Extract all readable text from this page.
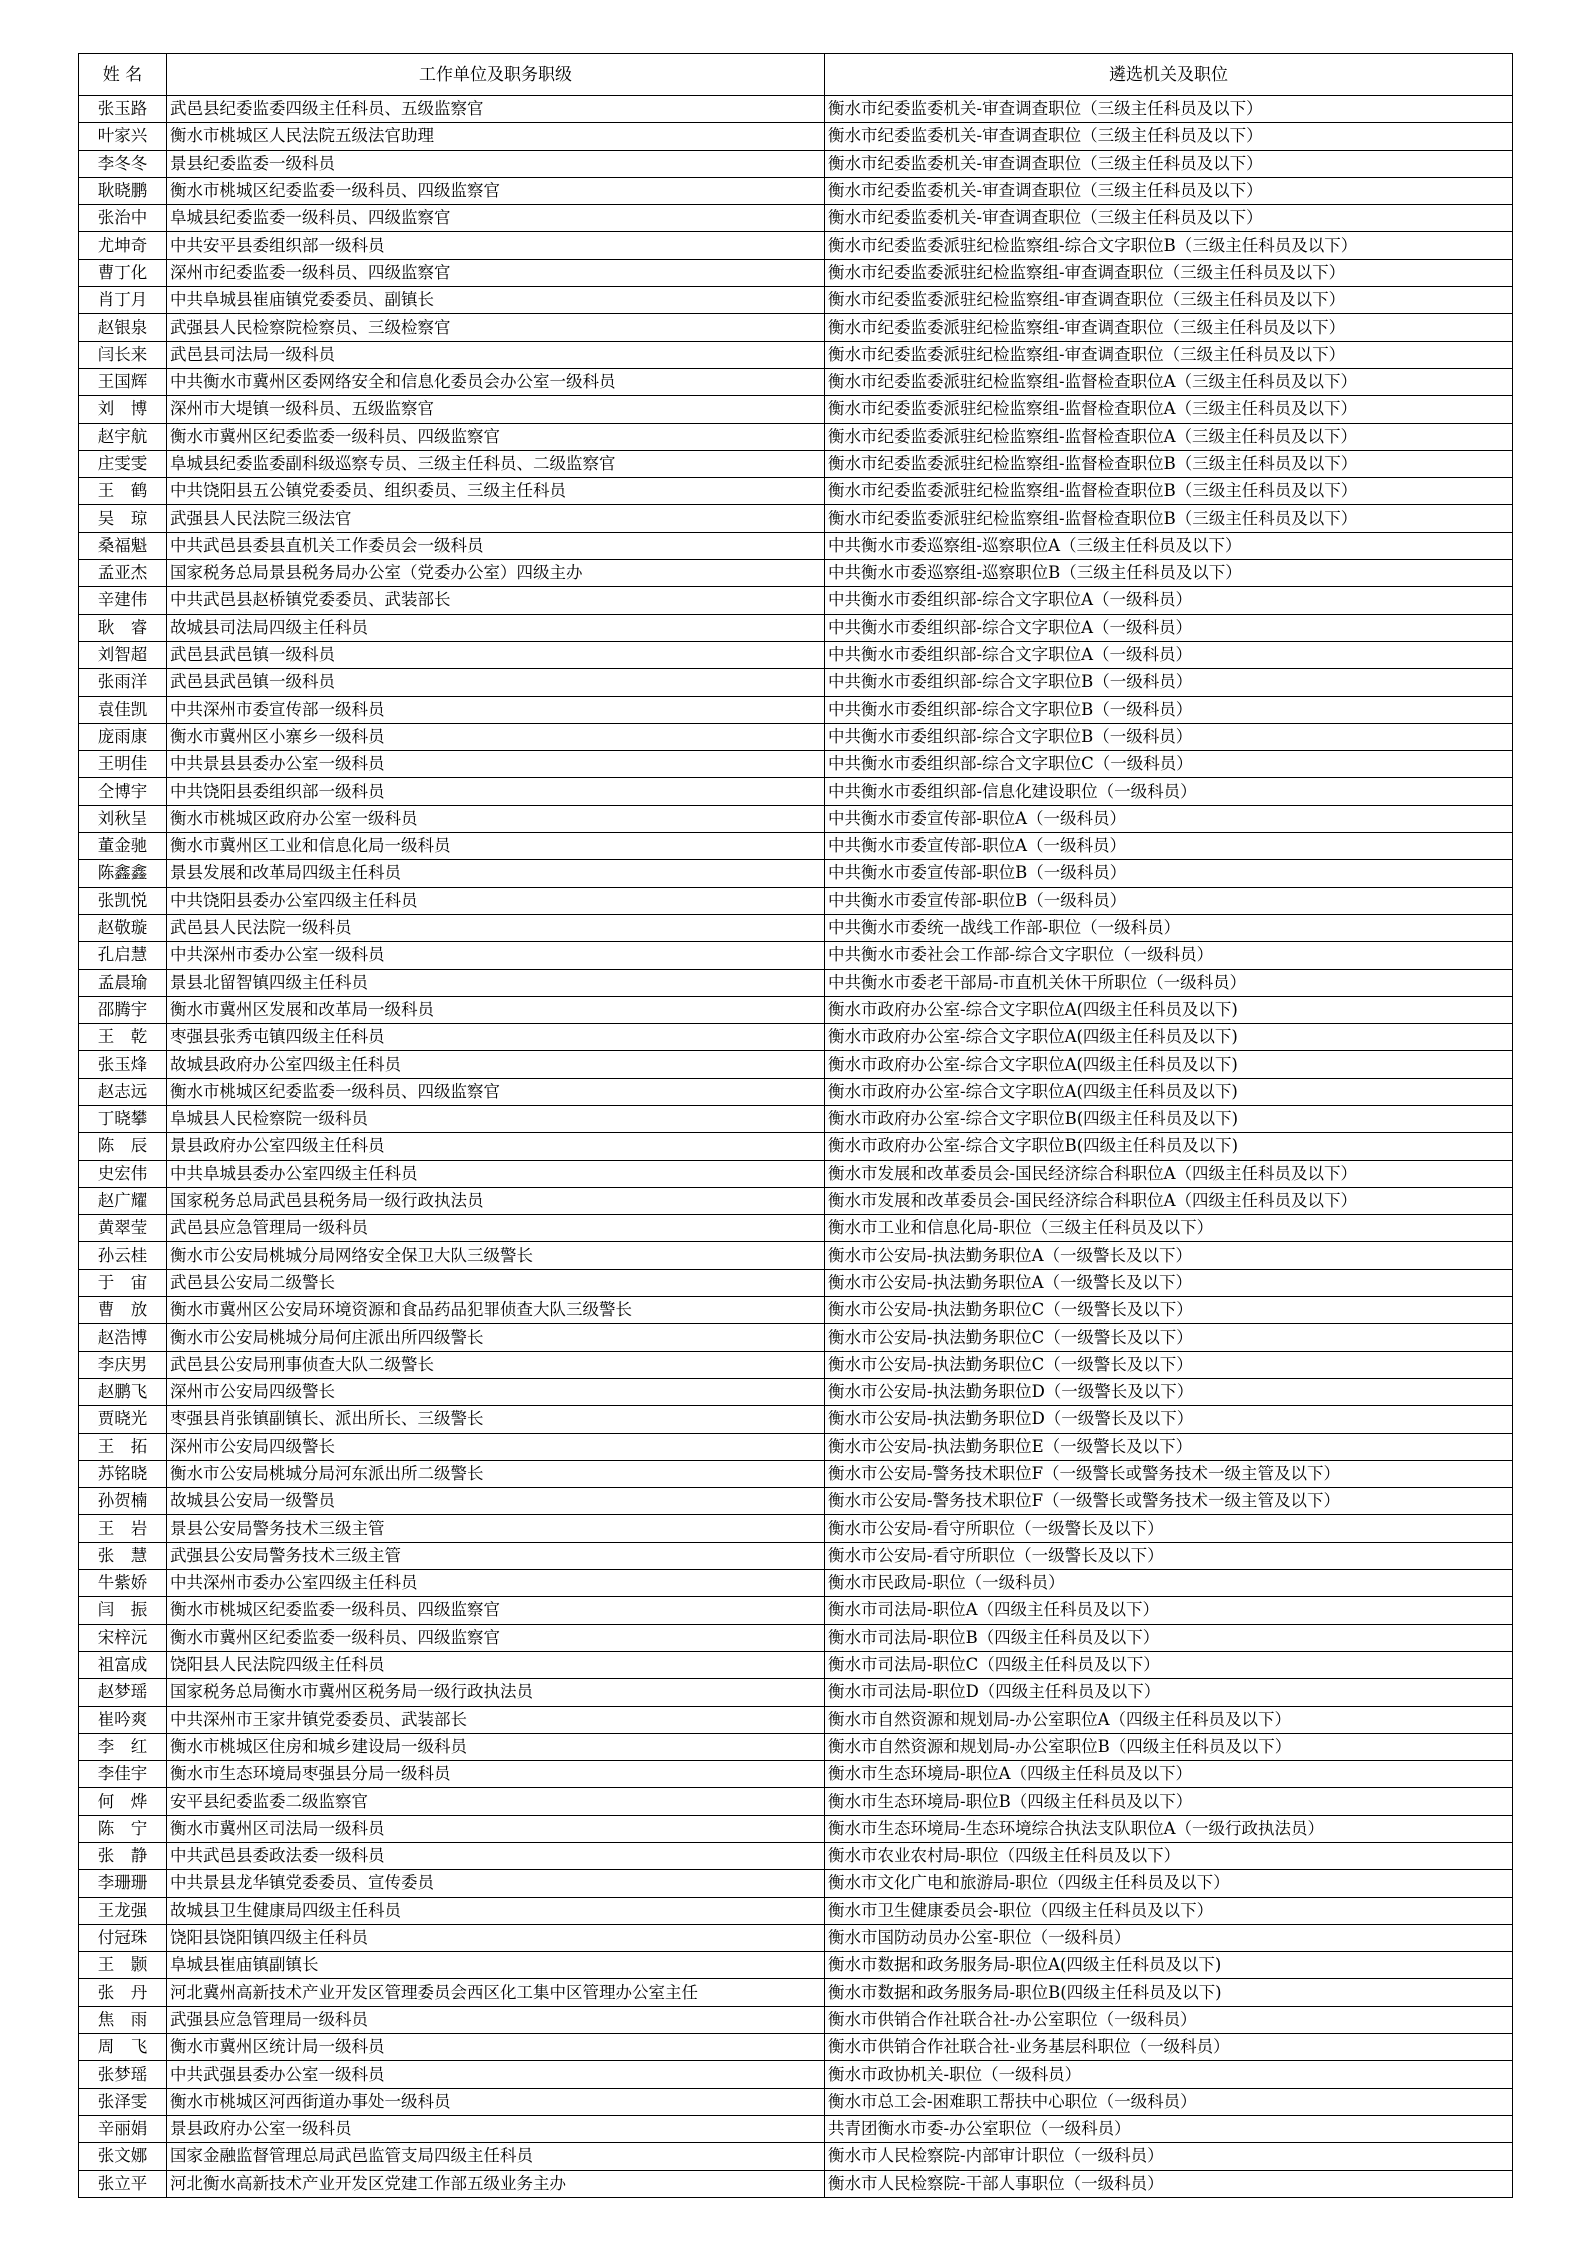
姓 名	工作单位及职务职级	遴选机关及职位
张玉路	武邑县纪委监委四级主任科员、五级监察官	衡水市纪委监委机关-审查调查职位（三级主任科员及以下）
叶家兴	衡水市桃城区人民法院五级法官助理	衡水市纪委监委机关-审查调查职位（三级主任科员及以下）
李冬冬	景县纪委监委一级科员	衡水市纪委监委机关-审查调查职位（三级主任科员及以下）
耿晓鹏	衡水市桃城区纪委监委一级科员、四级监察官	衡水市纪委监委机关-审查调查职位（三级主任科员及以下）
张治中	阜城县纪委监委一级科员、四级监察官	衡水市纪委监委机关-审查调查职位（三级主任科员及以下）
尤坤奇	中共安平县委组织部一级科员	衡水市纪委监委派驻纪检监察组-综合文字职位B（三级主任科员及以下）
曹丁化	深州市纪委监委一级科员、四级监察官	衡水市纪委监委派驻纪检监察组-审查调查职位（三级主任科员及以下）
肖丁月	中共阜城县崔庙镇党委委员、副镇长	衡水市纪委监委派驻纪检监察组-审查调查职位（三级主任科员及以下）
赵银泉	武强县人民检察院检察员、三级检察官	衡水市纪委监委派驻纪检监察组-审查调查职位（三级主任科员及以下）
闫长来	武邑县司法局一级科员	衡水市纪委监委派驻纪检监察组-审查调查职位（三级主任科员及以下）
王国辉	中共衡水市冀州区委网络安全和信息化委员会办公室一级科员	衡水市纪委监委派驻纪检监察组-监督检查职位A（三级主任科员及以下）
刘　博	深州市大堤镇一级科员、五级监察官	衡水市纪委监委派驻纪检监察组-监督检查职位A（三级主任科员及以下）
赵宇航	衡水市冀州区纪委监委一级科员、四级监察官	衡水市纪委监委派驻纪检监察组-监督检查职位A（三级主任科员及以下）
庄雯雯	阜城县纪委监委副科级巡察专员、三级主任科员、二级监察官	衡水市纪委监委派驻纪检监察组-监督检查职位B（三级主任科员及以下）
王　鹤	中共饶阳县五公镇党委委员、组织委员、三级主任科员	衡水市纪委监委派驻纪检监察组-监督检查职位B（三级主任科员及以下）
吴　琼	武强县人民法院三级法官	衡水市纪委监委派驻纪检监察组-监督检查职位B（三级主任科员及以下）
桑福魁	中共武邑县委县直机关工作委员会一级科员	中共衡水市委巡察组-巡察职位A（三级主任科员及以下）
孟亚杰	国家税务总局景县税务局办公室（党委办公室）四级主办	中共衡水市委巡察组-巡察职位B（三级主任科员及以下）
辛建伟	中共武邑县赵桥镇党委委员、武装部长	中共衡水市委组织部-综合文字职位A（一级科员）
耿　睿	故城县司法局四级主任科员	中共衡水市委组织部-综合文字职位A（一级科员）
刘智超	武邑县武邑镇一级科员	中共衡水市委组织部-综合文字职位A（一级科员）
张雨洋	武邑县武邑镇一级科员	中共衡水市委组织部-综合文字职位B（一级科员）
袁佳凯	中共深州市委宣传部一级科员	中共衡水市委组织部-综合文字职位B（一级科员）
庞雨康	衡水市冀州区小寨乡一级科员	中共衡水市委组织部-综合文字职位B（一级科员）
王明佳	中共景县县委办公室一级科员	中共衡水市委组织部-综合文字职位C（一级科员）
仝博宇	中共饶阳县委组织部一级科员	中共衡水市委组织部-信息化建设职位（一级科员）
刘秋呈	衡水市桃城区政府办公室一级科员	中共衡水市委宣传部-职位A（一级科员）
董金驰	衡水市冀州区工业和信息化局一级科员	中共衡水市委宣传部-职位A（一级科员）
陈鑫鑫	景县发展和改革局四级主任科员	中共衡水市委宣传部-职位B（一级科员）
张凯悦	中共饶阳县委办公室四级主任科员	中共衡水市委宣传部-职位B（一级科员）
赵敬璇	武邑县人民法院一级科员	中共衡水市委统一战线工作部-职位（一级科员）
孔启慧	中共深州市委办公室一级科员	中共衡水市委社会工作部-综合文字职位（一级科员）
孟晨瑜	景县北留智镇四级主任科员	中共衡水市委老干部局-市直机关休干所职位（一级科员）
邵腾宇	衡水市冀州区发展和改革局一级科员	衡水市政府办公室-综合文字职位A(四级主任科员及以下)
王　乾	枣强县张秀屯镇四级主任科员	衡水市政府办公室-综合文字职位A(四级主任科员及以下)
张玉烽	故城县政府办公室四级主任科员	衡水市政府办公室-综合文字职位A(四级主任科员及以下)
赵志远	衡水市桃城区纪委监委一级科员、四级监察官	衡水市政府办公室-综合文字职位A(四级主任科员及以下)
丁晓攀	阜城县人民检察院一级科员	衡水市政府办公室-综合文字职位B(四级主任科员及以下)
陈　辰	景县政府办公室四级主任科员	衡水市政府办公室-综合文字职位B(四级主任科员及以下)
史宏伟	中共阜城县委办公室四级主任科员	衡水市发展和改革委员会-国民经济综合科职位A（四级主任科员及以下）
赵广耀	国家税务总局武邑县税务局一级行政执法员	衡水市发展和改革委员会-国民经济综合科职位A（四级主任科员及以下）
黄翠莹	武邑县应急管理局一级科员	衡水市工业和信息化局-职位（三级主任科员及以下）
孙云桂	衡水市公安局桃城分局网络安全保卫大队三级警长	衡水市公安局-执法勤务职位A（一级警长及以下）
于　宙	武邑县公安局二级警长	衡水市公安局-执法勤务职位A（一级警长及以下）
曹　放	衡水市冀州区公安局环境资源和食品药品犯罪侦查大队三级警长	衡水市公安局-执法勤务职位C（一级警长及以下）
赵浩博	衡水市公安局桃城分局何庄派出所四级警长	衡水市公安局-执法勤务职位C（一级警长及以下）
李庆男	武邑县公安局刑事侦查大队二级警长	衡水市公安局-执法勤务职位C（一级警长及以下）
赵鹏飞	深州市公安局四级警长	衡水市公安局-执法勤务职位D（一级警长及以下）
贾晓光	枣强县肖张镇副镇长、派出所长、三级警长	衡水市公安局-执法勤务职位D（一级警长及以下）
王　拓	深州市公安局四级警长	衡水市公安局-执法勤务职位E（一级警长及以下）
苏铭晓	衡水市公安局桃城分局河东派出所二级警长	衡水市公安局-警务技术职位F（一级警长或警务技术一级主管及以下）
孙贺楠	故城县公安局一级警员	衡水市公安局-警务技术职位F（一级警长或警务技术一级主管及以下）
王　岩	景县公安局警务技术三级主管	衡水市公安局-看守所职位（一级警长及以下）
张　慧	武强县公安局警务技术三级主管	衡水市公安局-看守所职位（一级警长及以下）
牛紫娇	中共深州市委办公室四级主任科员	衡水市民政局-职位（一级科员）
闫　振	衡水市桃城区纪委监委一级科员、四级监察官	衡水市司法局-职位A（四级主任科员及以下）
宋梓沅	衡水市冀州区纪委监委一级科员、四级监察官	衡水市司法局-职位B（四级主任科员及以下）
祖富成	饶阳县人民法院四级主任科员	衡水市司法局-职位C（四级主任科员及以下）
赵梦瑶	国家税务总局衡水市冀州区税务局一级行政执法员	衡水市司法局-职位D（四级主任科员及以下）
崔吟爽	中共深州市王家井镇党委委员、武装部长	衡水市自然资源和规划局-办公室职位A（四级主任科员及以下）
李　红	衡水市桃城区住房和城乡建设局一级科员	衡水市自然资源和规划局-办公室职位B（四级主任科员及以下）
李佳宇	衡水市生态环境局枣强县分局一级科员	衡水市生态环境局-职位A（四级主任科员及以下）
何　烨	安平县纪委监委二级监察官	衡水市生态环境局-职位B（四级主任科员及以下）
陈　宁	衡水市冀州区司法局一级科员	衡水市生态环境局-生态环境综合执法支队职位A（一级行政执法员）
张　静	中共武邑县委政法委一级科员	衡水市农业农村局-职位（四级主任科员及以下）
李珊珊	中共景县龙华镇党委委员、宣传委员	衡水市文化广电和旅游局-职位（四级主任科员及以下）
王龙强	故城县卫生健康局四级主任科员	衡水市卫生健康委员会-职位（四级主任科员及以下）
付冠珠	饶阳县饶阳镇四级主任科员	衡水市国防动员办公室-职位（一级科员）
王　颢	阜城县崔庙镇副镇长	衡水市数据和政务服务局-职位A(四级主任科员及以下)
张　丹	河北冀州高新技术产业开发区管理委员会西区化工集中区管理办公室主任	衡水市数据和政务服务局-职位B(四级主任科员及以下)
焦　雨	武强县应急管理局一级科员	衡水市供销合作社联合社-办公室职位（一级科员）
周　飞	衡水市冀州区统计局一级科员	衡水市供销合作社联合社-业务基层科职位（一级科员）
张梦瑶	中共武强县委办公室一级科员	衡水市政协机关-职位（一级科员）
张泽雯	衡水市桃城区河西街道办事处一级科员	衡水市总工会-困难职工帮扶中心职位（一级科员）
辛丽娟	景县政府办公室一级科员	共青团衡水市委-办公室职位（一级科员）
张文娜	国家金融监督管理总局武邑监管支局四级主任科员	衡水市人民检察院-内部审计职位（一级科员）
张立平	河北衡水高新技术产业开发区党建工作部五级业务主办	衡水市人民检察院-干部人事职位（一级科员）
